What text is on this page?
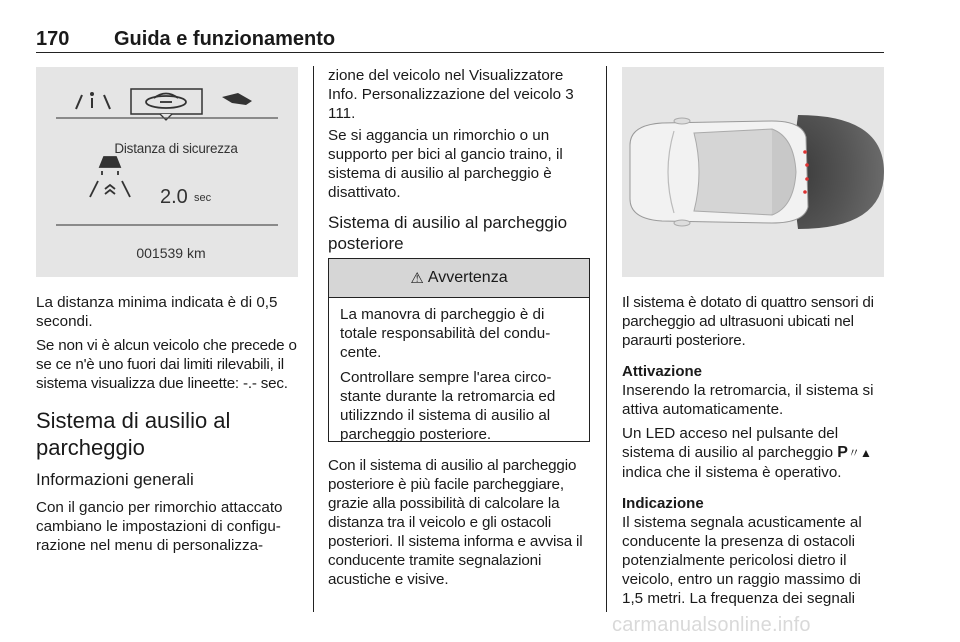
170 Guida e funzionamento
Distanza di sicurezza
2.0 sec
001539 km

La distanza minima indicata è di 0,5 secondi.

Se non vi è alcun veicolo che precede o se ce n'è uno fuori dai limiti rilevabili, il sistema visualizza due lineette: -.- sec.

Sistema di ausilio al parcheggio
Informazioni generali

Con il gancio per rimorchio attaccato cambiano le impostazioni di configurazione nel menu di personalizza-

zione del veicolo nel Visualizzatore Info. Personalizzazione del veicolo 3 111.

Se si aggancia un rimorchio o un supporto per bici al gancio traino, il sistema di ausilio al parcheggio è disattivato.

Sistema di ausilio al parcheggio posteriore
⚠ Avvertenza

La manovra di parcheggio è di totale responsabilità del conducente.

Controllare sempre l'area circostante durante la retromarcia ed utilizzndo il sistema di ausilio al parcheggio posteriore.

Con il sistema di ausilio al parcheggio posteriore è più facile parcheggiare, grazie alla possibilità di calcolare la distanza tra il veicolo e gli ostacoli posteriori. Il sistema informa e avvisa il conducente tramite segnalazioni acustiche e visive.

Il sistema è dotato di quattro sensori di parcheggio ad ultrasuoni ubicati nel paraurti posteriore.

Attivazione

Inserendo la retromarcia, il sistema si attiva automaticamente.

Un LED acceso nel pulsante del sistema di ausilio al parcheggio P〃▲ indica che il sistema è operativo.

Indicazione

Il sistema segnala acusticamente al conducente la presenza di ostacoli potenzialmente pericolosi dietro il veicolo, entro un raggio massimo di 1,5 metri. La frequenza dei segnali

carmanualsonline.info
